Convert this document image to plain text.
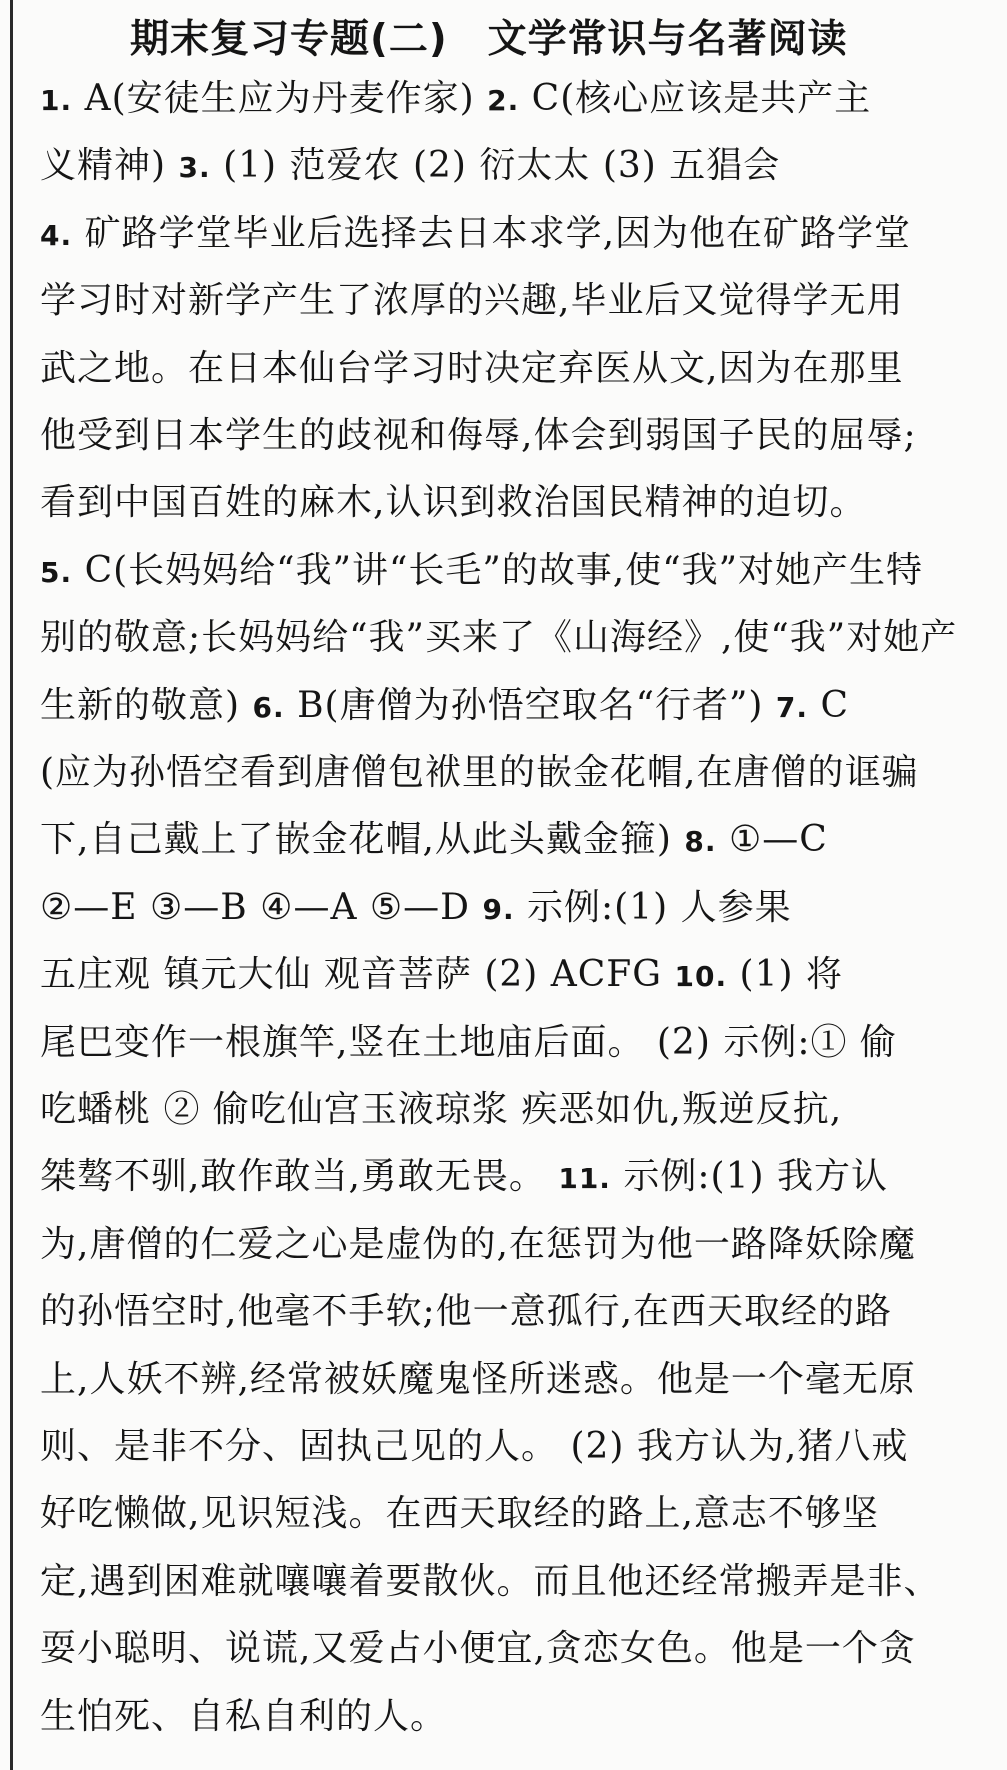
期末复习专题(二) 文学常识与名著阅读
1. A(安徒生应为丹麦作家) 2. C(核心应该是共产主
义精神) 3. (1) 范爱农 (2) 衍太太 (3) 五猖会
4. 矿路学堂毕业后选择去日本求学,因为他在矿路学堂
学习时对新学产生了浓厚的兴趣,毕业后又觉得学无用
武之地。在日本仙台学习时决定弃医从文,因为在那里
他受到日本学生的歧视和侮辱,体会到弱国子民的屈辱;
看到中国百姓的麻木,认识到救治国民精神的迫切。
5. C(长妈妈给“我”讲“长毛”的故事,使“我”对她产生特
别的敬意;长妈妈给“我”买来了《山海经》,使“我”对她产
生新的敬意) 6. B(唐僧为孙悟空取名“行者”) 7. C
(应为孙悟空看到唐僧包袱里的嵌金花帽,在唐僧的诓骗
下,自己戴上了嵌金花帽,从此头戴金箍) 8. ①—C
②—E ③—B ④—A ⑤—D 9. 示例:(1) 人参果
五庄观 镇元大仙 观音菩萨 (2) ACFG 10. (1) 将
尾巴变作一根旗竿,竖在土地庙后面。 (2) 示例:① 偷
吃蟠桃 ② 偷吃仙宫玉液琼浆 疾恶如仇,叛逆反抗,
桀骜不驯,敢作敢当,勇敢无畏。 11. 示例:(1) 我方认
为,唐僧的仁爱之心是虚伪的,在惩罚为他一路降妖除魔
的孙悟空时,他毫不手软;他一意孤行,在西天取经的路
上,人妖不辨,经常被妖魔鬼怪所迷惑。他是一个毫无原
则、是非不分、固执己见的人。 (2) 我方认为,猪八戒
好吃懒做,见识短浅。在西天取经的路上,意志不够坚
定,遇到困难就嚷嚷着要散伙。而且他还经常搬弄是非、
耍小聪明、说谎,又爱占小便宜,贪恋女色。他是一个贪
生怕死、自私自利的人。
